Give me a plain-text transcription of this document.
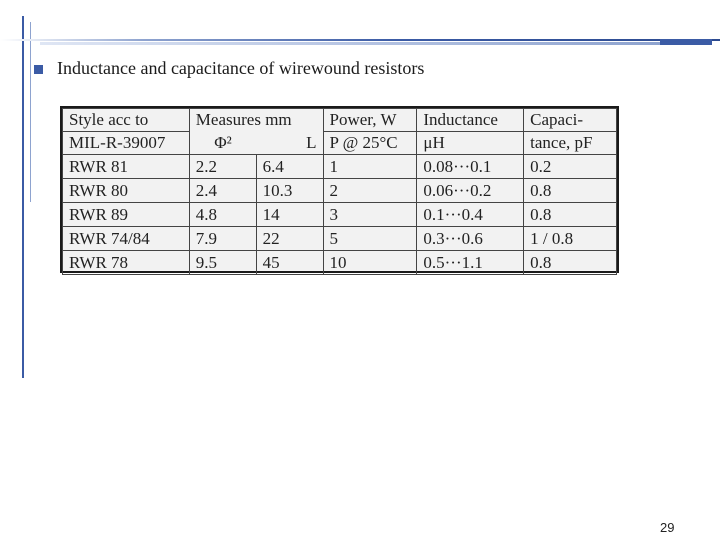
Inductance and capacitance of wirewound resistors
Style acc to	Measures mm		Power, W	Inductance	Capaci-
MIL-R-39007	Φ²	L	P @ 25°C	μH	tance, pF
RWR 81	2.2	6.4	1	0.08···0.1	0.2
RWR 80	2.4	10.3	2	0.06···0.2	0.8
RWR 89	4.8	14	3	0.1···0.4	0.8
RWR 74/84	7.9	22	5	0.3···0.6	1 / 0.8
RWR 78	9.5	45	10	0.5···1.1	0.8
29
